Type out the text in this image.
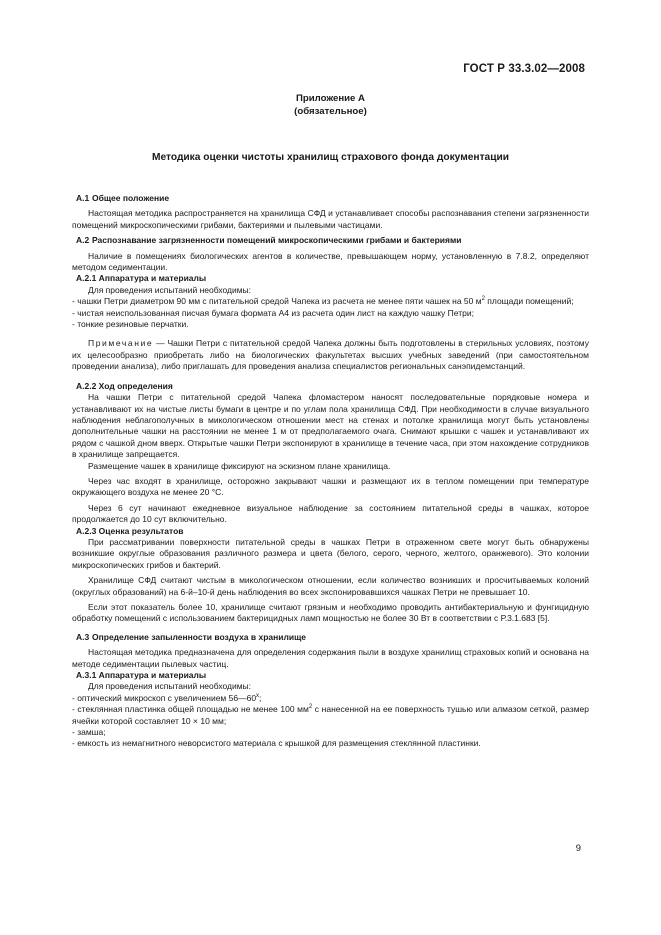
ГОСТ Р 33.3.02—2008
Приложение А
(обязательное)
Методика оценки чистоты хранилищ страхового фонда документации

А.1 Общее положение

Настоящая методика распространяется на хранилища СФД и устанавливает способы распознавания степени загрязненности помещений микроскопическими грибами, бактериями и пылевыми частицами.

А.2 Распознавание загрязненности помещений микроскопическими грибами и бактериями

Наличие в помещениях биологических агентов в количестве, превышающем норму, установленную в 7.8.2, определяют методом седиментации.

А.2.1 Аппаратура и материалы

Для проведения испытаний необходимы:

- чашки Петри диаметром 90 мм с питательной средой Чапека из расчета не менее пяти чашек на 50 $м^2$ площади помещений;

- чистая неиспользованная писчая бумага формата А4 из расчета один лист на каждую чашку Петри;

- тонкие резиновые перчатки.

Примечание — Чашки Петри с питательной средой Чапека должны быть подготовлены в стерильных условиях, поэтому их целесообразно приобретать либо на биологических факультетах высших учебных заведений (при самостоятельном проведении анализа), либо приглашать для проведения анализа специалистов региональных санэпидемстанций.

А.2.2 Ход определения

На чашки Петри с питательной средой Чапека фломастером наносят последовательные порядковые номера и устанавливают их на чистые листы бумаги в центре и по углам пола хранилища СФД. При необходимости в случае визуального наблюдения неблагополучных в микологическом отношении мест на стенах и потолке хранилища могут быть установлены дополнительные чашки на расстоянии не менее 1 м от предполагаемого очага. Снимают крышки с чашек и устанавливают их рядом с чашкой дном вверх. Открытые чашки Петри экспонируют в хранилище в течение часа, при этом нахождение сотрудников в хранилище запрещается.

Размещение чашек в хранилище фиксируют на эскизном плане хранилища.

Через час входят в хранилище, осторожно закрывают чашки и размещают их в теплом помещении при температуре окружающего воздуха не менее 20 °С.

Через 6 сут начинают ежедневное визуальное наблюдение за состоянием питательной среды в чашках, которое продолжается до 10 сут включительно.

А.2.3 Оценка результатов

При рассматривании поверхности питательной среды в чашках Петри в отраженном свете могут быть обнаружены возникшие округлые образования различного размера и цвета (белого, серого, черного, желтого, оранжевого). Это колонии микроскопических грибов и бактерий.

Хранилище СФД считают чистым в микологическом отношении, если количество возникших и просчитываемых колоний (округлых образований) на 6-й–10-й день наблюдения во всех экспонировавшихся чашках Петри не превышает 10.

Если этот показатель более 10, хранилище считают грязным и необходимо проводить антибактериальную и фунгицидную обработку помещений с использованием бактерицидных ламп мощностью не более 30 Вт в соответствии с Р.3.1.683 [5].

А.3 Определение запыленности воздуха в хранилище

Настоящая методика предназначена для определения содержания пыли в воздухе хранилищ страховых копий и основана на методе седиментации пылевых частиц.

А.3.1 Аппаратура и материалы

Для проведения испытаний необходимы:

- оптический микроскоп с увеличением $56—60^х$;

- стеклянная пластинка общей площадью не менее 100 $мм^2$ с нанесенной на ее поверхность тушью или алмазом сеткой, размер ячейки которой составляет 10 × 10 мм;

- замша;

- емкость из немагнитного неворсистого материала с крышкой для размещения стеклянной пластинки.

9
